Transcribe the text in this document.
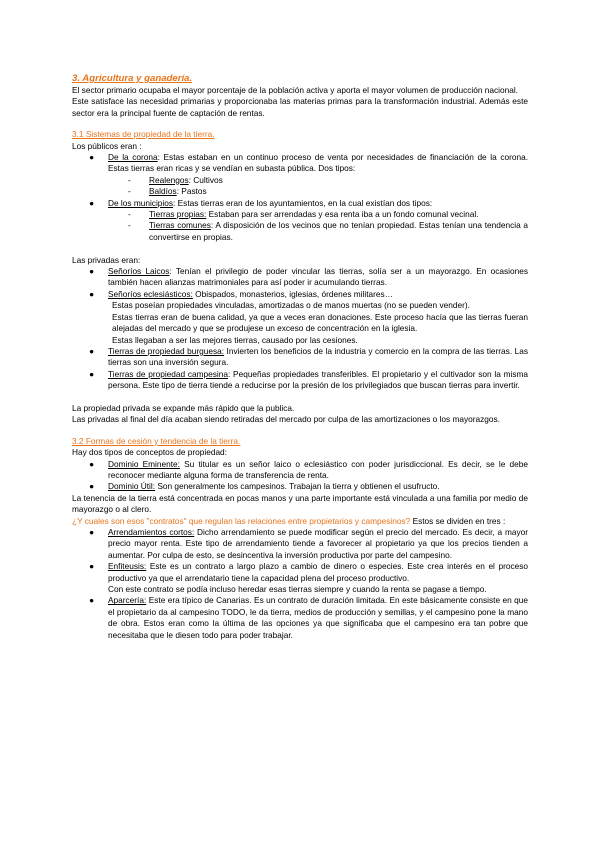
3. Agricultura y ganadería.

El sector primario ocupaba el mayor porcentaje de la población activa y aporta el mayor volumen de producción nacional.

Este satisface las necesidad primarias y proporcionaba las materias primas para la transformación industrial. Además este sector era la principal fuente de captación de rentas.

3.1 Sistemas de propiedad de la tierra.

Los públicos eran :

● De la corona: Estas estaban en un continuo proceso de venta por necesidades de financiación de la corona. Estas tierras eran ricas y se vendían en subasta pública. Dos tipos:
- Realengos: Cultivos
- Baldíos: Pastos
● De los municipios: Estas tierras eran de los ayuntamientos, en la cual existían dos tipos:
- Tierras propias: Estaban para ser arrendadas y esa renta iba a un fondo comunal vecinal.
- Tierras comunes: A disposición de los vecinos que no tenían propiedad. Estas tenían una tendencia a convertirse en propias.

Las privadas eran:

● Señoríos Laicos: Tenían el privilegio de poder vincular las tierras, solía ser a un mayorazgo. En ocasiones también hacen alianzas matrimoniales para así poder ir acumulando tierras.
● Señoríos eclesiásticos: Obispados, monasterios, iglesias, órdenes militares…

Estas poseían propiedades vinculadas, amortizadas o de manos muertas (no se pueden vender).

Estas tierras eran de buena calidad, ya que a veces eran donaciones. Este proceso hacía que las tierras fueran alejadas del mercado y que se produjese un exceso de concentración en la iglesia.

Estas llegaban a ser las mejores tierras, causado por las cesiones.

● Tierras de propiedad burguesa: Invierten los beneficios de la industria y comercio en la compra de las tierras. Las tierras son una inversión segura.
● Tierras de propiedad campesina: Pequeñas propiedades transferibles. El propietario y el cultivador son la misma persona. Este tipo de tierra tiende a reducirse por la presión de los privilegiados que buscan tierras para invertir.

La propiedad privada se expande más rápido que la publica.

Las privadas al final del día acaban siendo retiradas del mercado por culpa de las amortizaciones o los mayorazgos.

3.2 Formas de cesión y tendencia de la tierra.

Hay dos tipos de conceptos de propiedad:

● Dominio Eminente: Su titular es un señor laico o eclesiástico con poder jurisdiccional. Es decir, se le debe reconocer mediante alguna forma de transferencia de renta.
● Dominio Útil: Son generalmente los campesinos. Trabajan la tierra y obtienen el usufructo.

La tenencia de la tierra está concentrada en pocas manos y una parte importante está vinculada a una familia por medio de mayorazgo o al clero.

¿Y cuales son esos "contratos" que regulan las relaciones entre propietarios y campesinos? Estos se dividen en tres :

● Arrendamientos cortos: Dicho arrendamiento se puede modificar según el precio del mercado. Es decir, a mayor precio mayor renta. Este tipo de arrendamiento tiende a favorecer al propietario ya que los precios tienden a aumentar. Por culpa de esto, se desincentiva la inversión productiva por parte del campesino.
● Enfiteusis: Este es un contrato a largo plazo a cambio de dinero o especies. Este crea interés en el proceso productivo ya que el arrendatario tiene la capacidad plena del proceso productivo.

Con este contrato se podía incluso heredar esas tierras siempre y cuando la renta se pagase a tiempo.

● Aparcería: Este era típico de Canarias. Es un contrato de duración limitada. En este básicamente consiste en que el propietario da al campesino TODO, le da tierra, medios de producción y semillas, y el campesino pone la mano de obra. Estos eran como la última de las opciones ya que significaba que el campesino era tan pobre que necesitaba que le diesen todo para poder trabajar.
